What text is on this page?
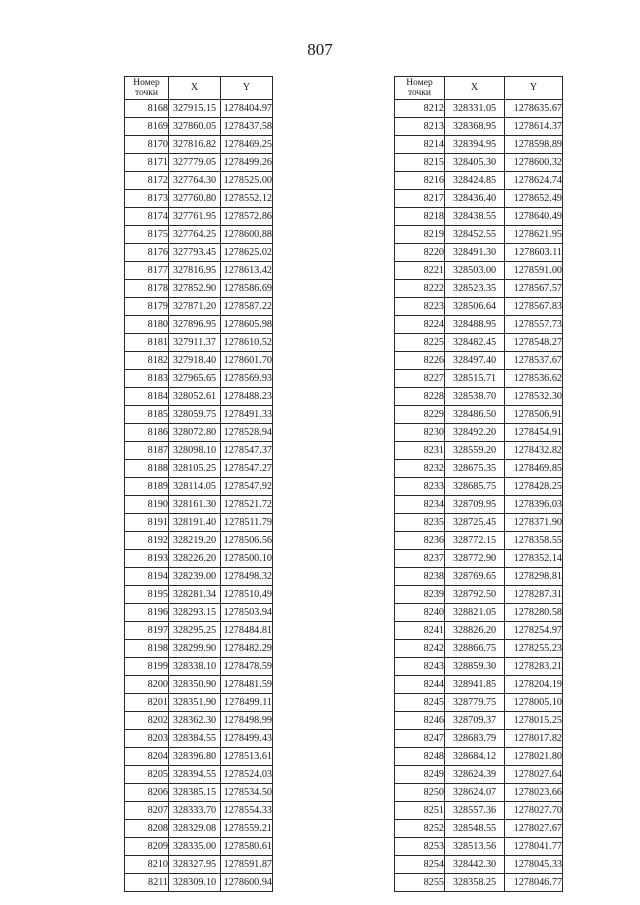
807
Номер
точки	X	Y
8168	327915.15	1278404.97
8169	327860.05	1278437.58
8170	327816.82	1278469.25
8171	327779.05	1278499.26
8172	327764.30	1278525.00
8173	327760.80	1278552.12
8174	327761.95	1278572.86
8175	327764.25	1278600.88
8176	327793.45	1278625.02
8177	327816.95	1278613.42
8178	327852.90	1278586.69
8179	327871.20	1278587.22
8180	327896.95	1278605.98
8181	327911.37	1278610.52
8182	327918.40	1278601.70
8183	327965.65	1278569.93
8184	328052.61	1278488.23
8185	328059.75	1278491.33
8186	328072.80	1278528.94
8187	328098.10	1278547.37
8188	328105.25	1278547.27
8189	328114.05	1278547.92
8190	328161.30	1278521.72
8191	328191.40	1278511.79
8192	328219.20	1278506.56
8193	328226.20	1278500.10
8194	328239.00	1278498.32
8195	328281.34	1278510.49
8196	328293.15	1278503.94
8197	328295.25	1278484.81
8198	328299.90	1278482.29
8199	328338.10	1278478.59
8200	328350.90	1278481.59
8201	328351.90	1278499.11
8202	328362.30	1278498.99
8203	328384.55	1278499.43
8204	328396.80	1278513.61
8205	328394.55	1278524.03
8206	328385.15	1278534.50
8207	328333.70	1278554.33
8208	328329.08	1278559.21
8209	328335.00	1278580.61
8210	328327.95	1278591.87
8211	328309.10	1278600.94
Номер
точки	X	Y
8212	328331.05	1278635.67
8213	328368.95	1278614.37
8214	328394.95	1278598.89
8215	328405.30	1278600.32
8216	328424.85	1278624.74
8217	328436.40	1278652.49
8218	328438.55	1278640.49
8219	328452.55	1278621.95
8220	328491.30	1278603.11
8221	328503.00	1278591.00
8222	328523.35	1278567.57
8223	328506.64	1278567.83
8224	328488.95	1278557.73
8225	328482.45	1278548.27
8226	328497.40	1278537.67
8227	328515.71	1278536.62
8228	328538.70	1278532.30
8229	328486.50	1278506.91
8230	328492.20	1278454.91
8231	328559.20	1278432.82
8232	328675.35	1278469.85
8233	328685.75	1278428.25
8234	328709.95	1278396.03
8235	328725.45	1278371.90
8236	328772.15	1278358.55
8237	328772.90	1278352.14
8238	328769.65	1278298.81
8239	328792.50	1278287.31
8240	328821.05	1278280.58
8241	328826.20	1278254.97
8242	328866.75	1278255.23
8243	328859.30	1278283.21
8244	328941.85	1278204.19
8245	328779.75	1278005.10
8246	328709.37	1278015.25
8247	328683.79	1278017.82
8248	328684.12	1278021.80
8249	328624.39	1278027.64
8250	328624.07	1278023.66
8251	328557.36	1278027.70
8252	328548.55	1278027.67
8253	328513.56	1278041.77
8254	328442.30	1278045.33
8255	328358.25	1278046.77
